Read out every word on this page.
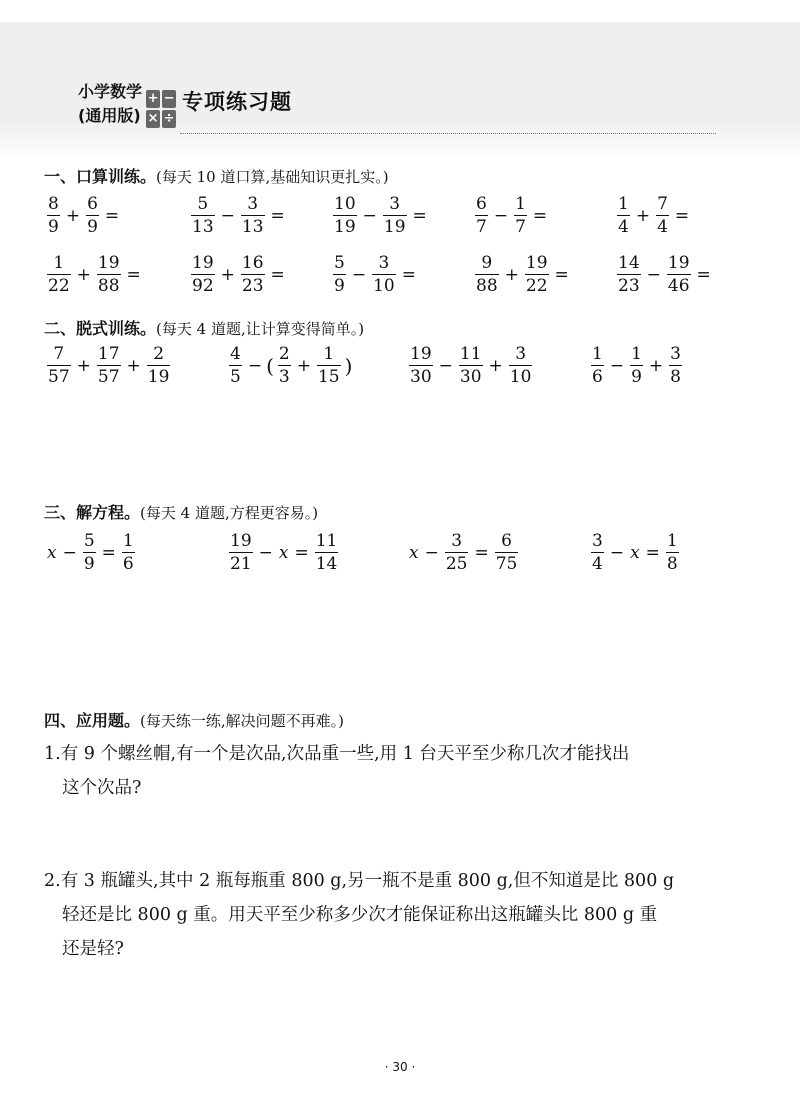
小学数学
(通用版)
+ −
× ÷
专项练习题
一、口算训练。(每天 10 道口算,基础知识更扎实。)
$\frac{8}{9} + \frac{6}{9}$ =	$\frac{5}{13} - \frac{3}{13}$ =	$\frac{10}{19} - \frac{3}{19}$ =	$\frac{6}{7} - \frac{1}{7}$ =	$\frac{1}{4} + \frac{7}{4}$ =
$\frac{1}{22} + \frac{19}{88}$ =	$\frac{19}{92} + \frac{16}{23}$ =	$\frac{5}{9} - \frac{3}{10}$ =	$\frac{9}{88} + \frac{19}{22}$ =	$\frac{14}{23} - \frac{19}{46}$ =
二、脱式训练。(每天 4 道题,让计算变得简单。)
$\frac{7}{57} + \frac{17}{57} + \frac{2}{19}$	$\frac{4}{5}$ − ( $\frac{2}{3} + \frac{1}{15}$ )	$\frac{19}{30} - \frac{11}{30} + \frac{3}{10}$	$\frac{1}{6} - \frac{1}{9} + \frac{3}{8}$
三、解方程。(每天 4 道题,方程更容易。)
$x - \frac{5}{9} = \frac{1}{6}$	$\frac{19}{21} - x = \frac{11}{14}$	$x - \frac{3}{25} = \frac{6}{75}$	$\frac{3}{4} - x = \frac{1}{8}$
四、应用题。(每天练一练,解决问题不再难。)
1.有 9 个螺丝帽,有一个是次品,次品重一些,用 1 台天平至少称几次才能找出
这个次品?
2.有 3 瓶罐头,其中 2 瓶每瓶重 800 g,另一瓶不是重 800 g,但不知道是比 800 g
轻还是比 800 g 重。用天平至少称多少次才能保证称出这瓶罐头比 800 g 重
还是轻?
· 30 ·
